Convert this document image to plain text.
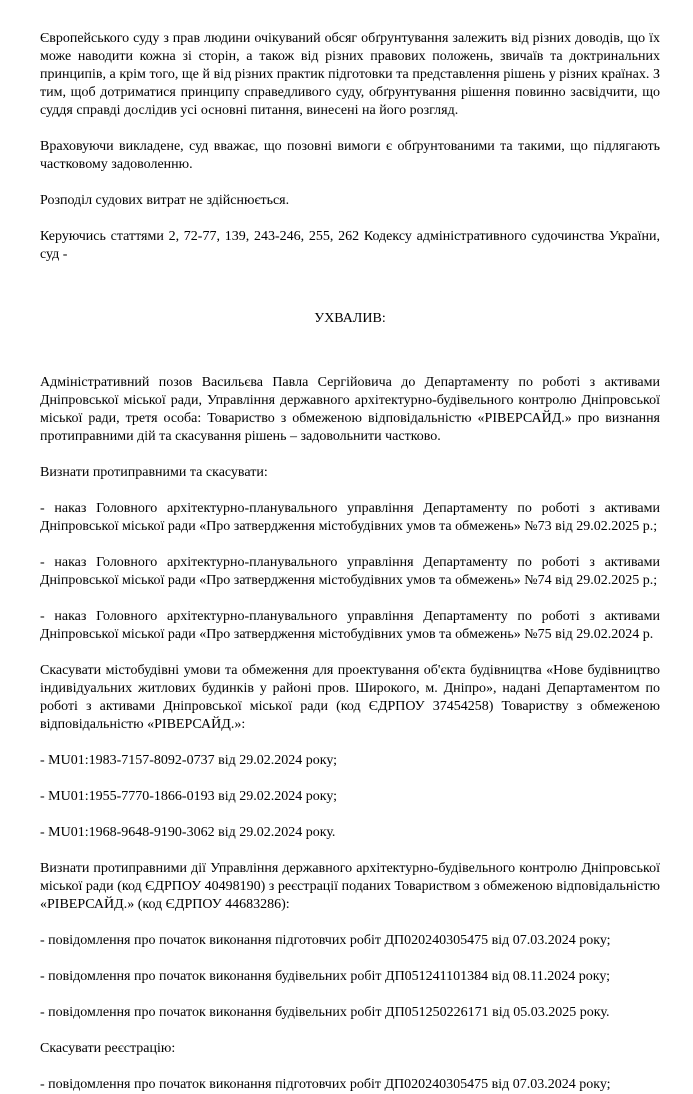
Європейського суду з прав людини очікуваний обсяг обґрунтування залежить від різних доводів, що їх може наводити кожна зі сторін, а також від різних правових положень, звичаїв та доктринальних принципів, а крім того, ще й від різних практик підготовки та представлення рішень у різних країнах. З тим, щоб дотриматися принципу справедливого суду, обґрунтування рішення повинно засвідчити, що суддя справді дослідив усі основні питання, винесені на його розгляд.

Враховуючи викладене, суд вважає, що позовні вимоги є обґрунтованими та такими, що підлягають частковому задоволенню.

Розподіл судових витрат не здійснюється.

Керуючись статтями 2, 72-77, 139, 243-246, 255, 262 Кодексу адміністративного судочинства України, суд -

УХВАЛИВ:

Адміністративний позов Васильєва Павла Сергійовича до Департаменту по роботі з активами Дніпровської міської ради, Управління державного архітектурно-будівельного контролю Дніпровської міської ради, третя особа: Товариство з обмеженою відповідальністю «РІВЕРСАЙД.» про визнання протиправними дій та скасування рішень – задовольнити частково.

Визнати протиправними та скасувати:

- наказ Головного архітектурно-планувального управління Департаменту по роботі з активами Дніпровської міської ради «Про затвердження містобудівних умов та обмежень» №73 від 29.02.2025 р.;

- наказ Головного архітектурно-планувального управління Департаменту по роботі з активами Дніпровської міської ради «Про затвердження містобудівних умов та обмежень» №74 від 29.02.2025 р.;

- наказ Головного архітектурно-планувального управління Департаменту по роботі з активами Дніпровської міської ради «Про затвердження містобудівних умов та обмежень» №75 від 29.02.2024 р.

Скасувати містобудівні умови та обмеження для проектування об'єкта будівництва «Нове будівництво індивідуальних житлових будинків у районі пров. Широкого, м. Дніпро», надані Департаментом по роботі з активами Дніпровської міської ради (код ЄДРПОУ 37454258) Товариству з обмеженою відповідальністю «РІВЕРСАЙД.»:

- MU01:1983-7157-8092-0737 від 29.02.2024 року;

- MU01:1955-7770-1866-0193 від 29.02.2024 року;

- MU01:1968-9648-9190-3062 від 29.02.2024 року.

Визнати протиправними дії Управління державного архітектурно-будівельного контролю Дніпровської міської ради (код ЄДРПОУ 40498190) з реєстрації поданих Товариством з обмеженою відповідальністю «РІВЕРСАЙД.» (код ЄДРПОУ 44683286):

- повідомлення про початок виконання підготовчих робіт ДП020240305475 від 07.03.2024 року;

- повідомлення про початок виконання будівельних робіт ДП051241101384 від 08.11.2024 року;

- повідомлення про початок виконання будівельних робіт ДП051250226171 від 05.03.2025 року.

Скасувати реєстрацію:

- повідомлення про початок виконання підготовчих робіт ДП020240305475 від 07.03.2024 року;
